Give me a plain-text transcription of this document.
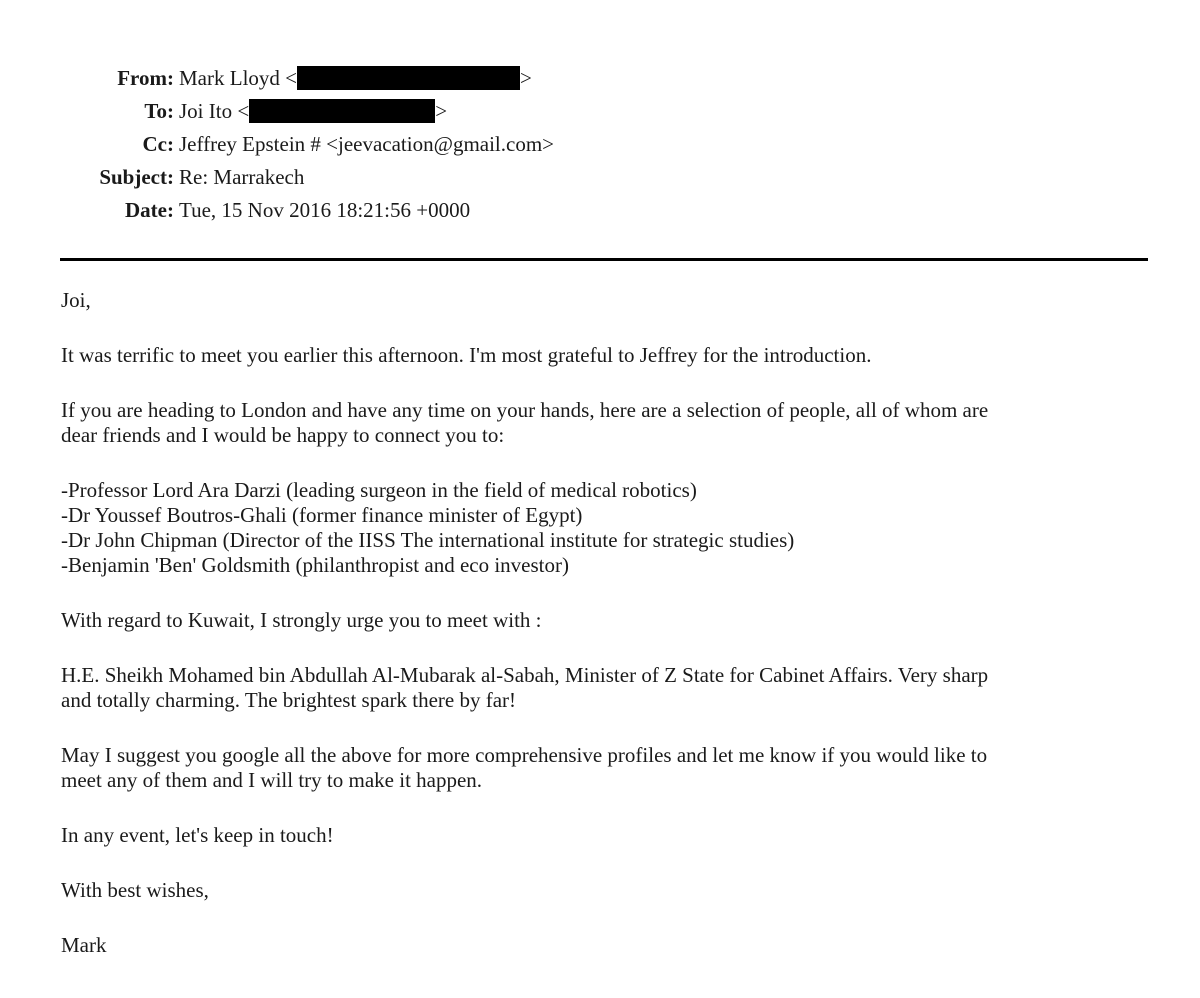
From: Mark Lloyd <	>
To: Joi Ito <	>
Cc: Jeffrey Epstein # <jeevacation@gmail.com>
Subject: Re: Marrakech
Date: Tue, 15 Nov 2016 18:21:56 +0000

Joi,

It was terrific to meet you earlier this afternoon. I'm most grateful to Jeffrey for the introduction.

If you are heading to London and have any time on your hands, here are a selection of people, all of whom are
dear friends and I would be happy to connect you to:

-Professor Lord Ara Darzi (leading surgeon in the field of medical robotics)
-Dr Youssef Boutros-Ghali (former finance minister of Egypt)
-Dr John Chipman (Director of the IISS The international institute for strategic studies)
-Benjamin 'Ben' Goldsmith (philanthropist and eco investor)

With regard to Kuwait, I strongly urge you to meet with :

H.E. Sheikh Mohamed bin Abdullah Al-Mubarak al-Sabah, Minister of Z State for Cabinet Affairs. Very sharp
and totally charming. The brightest spark there by far!

May I suggest you google all the above for more comprehensive profiles and let me know if you would like to
meet any of them and I will try to make it happen.

In any event, let's keep in touch!

With best wishes,

Mark
